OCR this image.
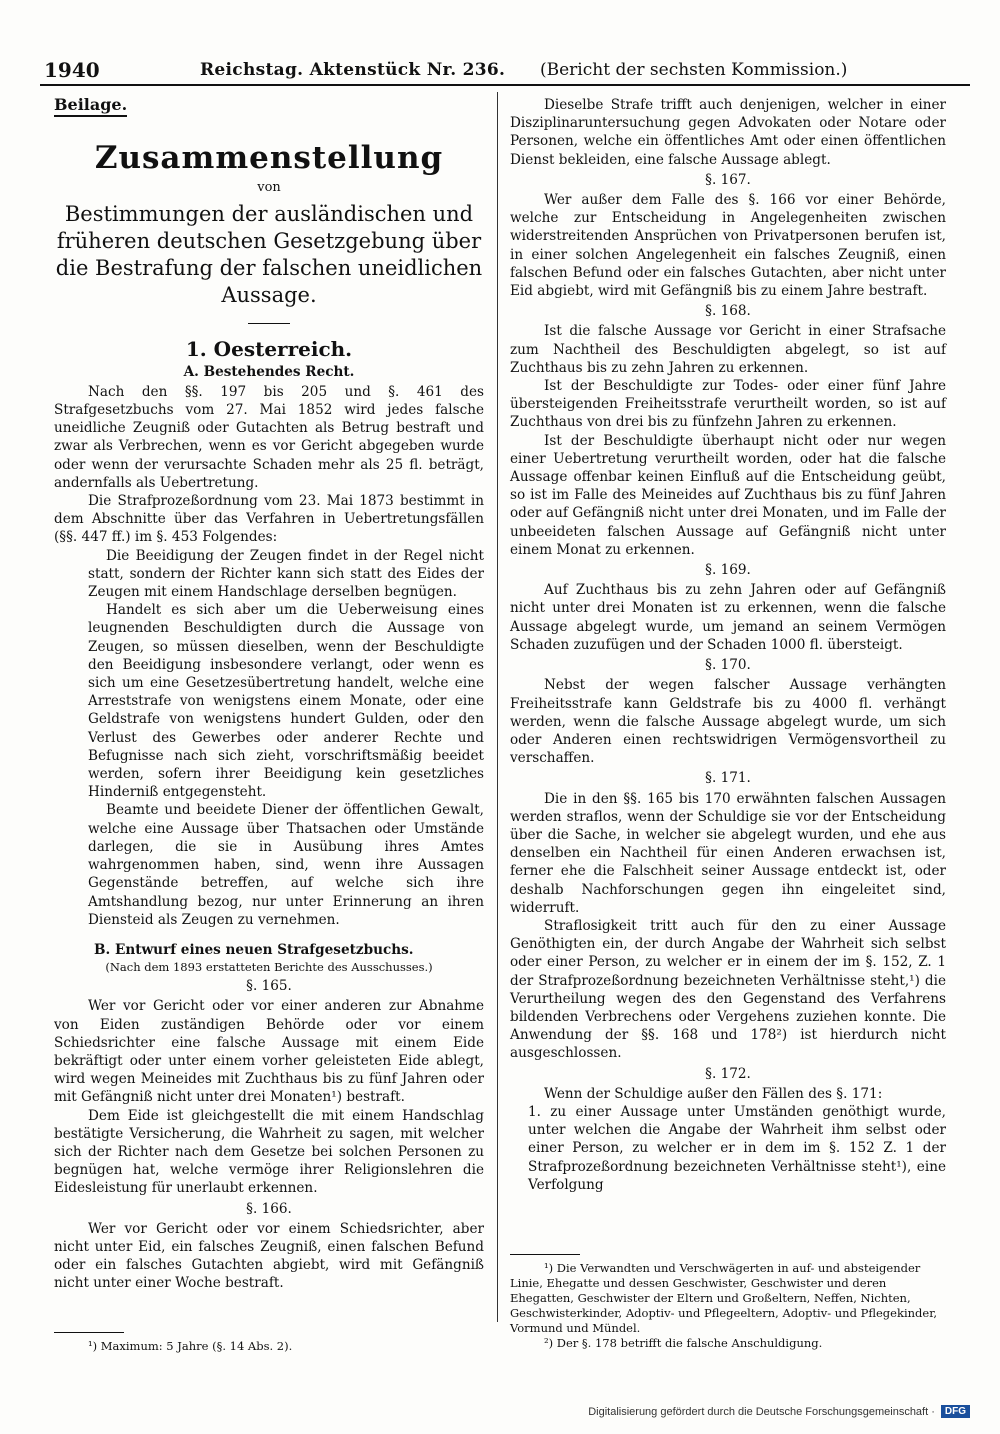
1940	Reichstag. Aktenstück Nr. 236. (Bericht der sechsten Kommission.)
Beilage.
Zusammenstellung
von
Bestimmungen der ausländischen und früheren deutschen Gesetzgebung über die Bestrafung der falschen uneidlichen Aussage.
1. Oesterreich.
A. Bestehendes Recht.

Nach den §§. 197 bis 205 und §. 461 des Strafgesetzbuchs vom 27. Mai 1852 wird jedes falsche uneidliche Zeugniß oder Gutachten als Betrug bestraft und zwar als Verbrechen, wenn es vor Gericht abgegeben wurde oder wenn der verursachte Schaden mehr als 25 fl. beträgt, andernfalls als Uebertretung.

Die Strafprozeßordnung vom 23. Mai 1873 bestimmt in dem Abschnitte über das Verfahren in Uebertretungsfällen (§§. 447 ff.) im §. 453 Folgendes:

Die Beeidigung der Zeugen findet in der Regel nicht statt, sondern der Richter kann sich statt des Eides der Zeugen mit einem Handschlage derselben begnügen.

Handelt es sich aber um die Ueberweisung eines leugnenden Beschuldigten durch die Aussage von Zeugen, so müssen dieselben, wenn der Beschuldigte den Beeidigung insbesondere verlangt, oder wenn es sich um eine Gesetzesübertretung handelt, welche eine Arreststrafe von wenigstens einem Monate, oder eine Geldstrafe von wenigstens hundert Gulden, oder den Verlust des Gewerbes oder anderer Rechte und Befugnisse nach sich zieht, vorschriftsmäßig beeidet werden, sofern ihrer Beeidigung kein gesetzliches Hinderniß entgegensteht.

Beamte und beeidete Diener der öffentlichen Gewalt, welche eine Aussage über Thatsachen oder Umstände darlegen, die sie in Ausübung ihres Amtes wahrgenommen haben, sind, wenn ihre Aussagen Gegenstände betreffen, auf welche sich ihre Amtshandlung bezog, nur unter Erinnerung an ihren Diensteid als Zeugen zu vernehmen.

B. Entwurf eines neuen Strafgesetzbuchs.
(Nach dem 1893 erstatteten Berichte des Ausschusses.)
§. 165.

Wer vor Gericht oder vor einer anderen zur Abnahme von Eiden zuständigen Behörde oder vor einem Schiedsrichter eine falsche Aussage mit einem Eide bekräftigt oder unter einem vorher geleisteten Eide ablegt, wird wegen Meineides mit Zuchthaus bis zu fünf Jahren oder mit Gefängniß nicht unter drei Monaten¹) bestraft.

Dem Eide ist gleichgestellt die mit einem Handschlag bestätigte Versicherung, die Wahrheit zu sagen, mit welcher sich der Richter nach dem Gesetze bei solchen Personen zu begnügen hat, welche vermöge ihrer Religionslehren die Eidesleistung für unerlaubt erkennen.

§. 166.

Wer vor Gericht oder vor einem Schiedsrichter, aber nicht unter Eid, ein falsches Zeugniß, einen falschen Befund oder ein falsches Gutachten abgiebt, wird mit Gefängniß nicht unter einer Woche bestraft.

¹) Maximum: 5 Jahre (§. 14 Abs. 2).

Dieselbe Strafe trifft auch denjenigen, welcher in einer Disziplinaruntersuchung gegen Advokaten oder Notare oder Personen, welche ein öffentliches Amt oder einen öffentlichen Dienst bekleiden, eine falsche Aussage ablegt.

§. 167.

Wer außer dem Falle des §. 166 vor einer Behörde, welche zur Entscheidung in Angelegenheiten zwischen widerstreitenden Ansprüchen von Privatpersonen berufen ist, in einer solchen Angelegenheit ein falsches Zeugniß, einen falschen Befund oder ein falsches Gutachten, aber nicht unter Eid abgiebt, wird mit Gefängniß bis zu einem Jahre bestraft.

§. 168.

Ist die falsche Aussage vor Gericht in einer Strafsache zum Nachtheil des Beschuldigten abgelegt, so ist auf Zuchthaus bis zu zehn Jahren zu erkennen.

Ist der Beschuldigte zur Todes- oder einer fünf Jahre übersteigenden Freiheitsstrafe verurtheilt worden, so ist auf Zuchthaus von drei bis zu fünfzehn Jahren zu erkennen.

Ist der Beschuldigte überhaupt nicht oder nur wegen einer Uebertretung verurtheilt worden, oder hat die falsche Aussage offenbar keinen Einfluß auf die Entscheidung geübt, so ist im Falle des Meineides auf Zuchthaus bis zu fünf Jahren oder auf Gefängniß nicht unter drei Monaten, und im Falle der unbeeideten falschen Aussage auf Gefängniß nicht unter einem Monat zu erkennen.

§. 169.

Auf Zuchthaus bis zu zehn Jahren oder auf Gefängniß nicht unter drei Monaten ist zu erkennen, wenn die falsche Aussage abgelegt wurde, um jemand an seinem Vermögen Schaden zuzufügen und der Schaden 1000 fl. übersteigt.

§. 170.

Nebst der wegen falscher Aussage verhängten Freiheitsstrafe kann Geldstrafe bis zu 4000 fl. verhängt werden, wenn die falsche Aussage abgelegt wurde, um sich oder Anderen einen rechtswidrigen Vermögensvortheil zu verschaffen.

§. 171.

Die in den §§. 165 bis 170 erwähnten falschen Aussagen werden straflos, wenn der Schuldige sie vor der Entscheidung über die Sache, in welcher sie abgelegt wurden, und ehe aus denselben ein Nachtheil für einen Anderen erwachsen ist, ferner ehe die Falschheit seiner Aussage entdeckt ist, oder deshalb Nachforschungen gegen ihn eingeleitet sind, widerruft.

Straflosigkeit tritt auch für den zu einer Aussage Genöthigten ein, der durch Angabe der Wahrheit sich selbst oder einer Person, zu welcher er in einem der im §. 152, Z. 1 der Strafprozeßordnung bezeichneten Verhältnisse steht,¹) die Verurtheilung wegen des den Gegenstand des Verfahrens bildenden Verbrechens oder Vergehens zuziehen konnte. Die Anwendung der §§. 168 und 178²) ist hierdurch nicht ausgeschlossen.

§. 172.

Wenn der Schuldige außer den Fällen des §. 171:

1. zu einer Aussage unter Umständen genöthigt wurde, unter welchen die Angabe der Wahrheit ihm selbst oder einer Person, zu welcher er in dem im §. 152 Z. 1 der Strafprozeßordnung bezeichneten Verhältnisse steht¹), eine Verfolgung

¹) Die Verwandten und Verschwägerten in auf- und absteigender Linie, Ehegatte und dessen Geschwister, Geschwister und deren Ehegatten, Geschwister der Eltern und Großeltern, Neffen, Nichten, Geschwisterkinder, Adoptiv- und Pflegeeltern, Adoptiv- und Pflegekinder, Vormund und Mündel.

²) Der §. 178 betrifft die falsche Anschuldigung.

Digitalisierung gefördert durch die Deutsche Forschungsgemeinschaft ·	DFG
